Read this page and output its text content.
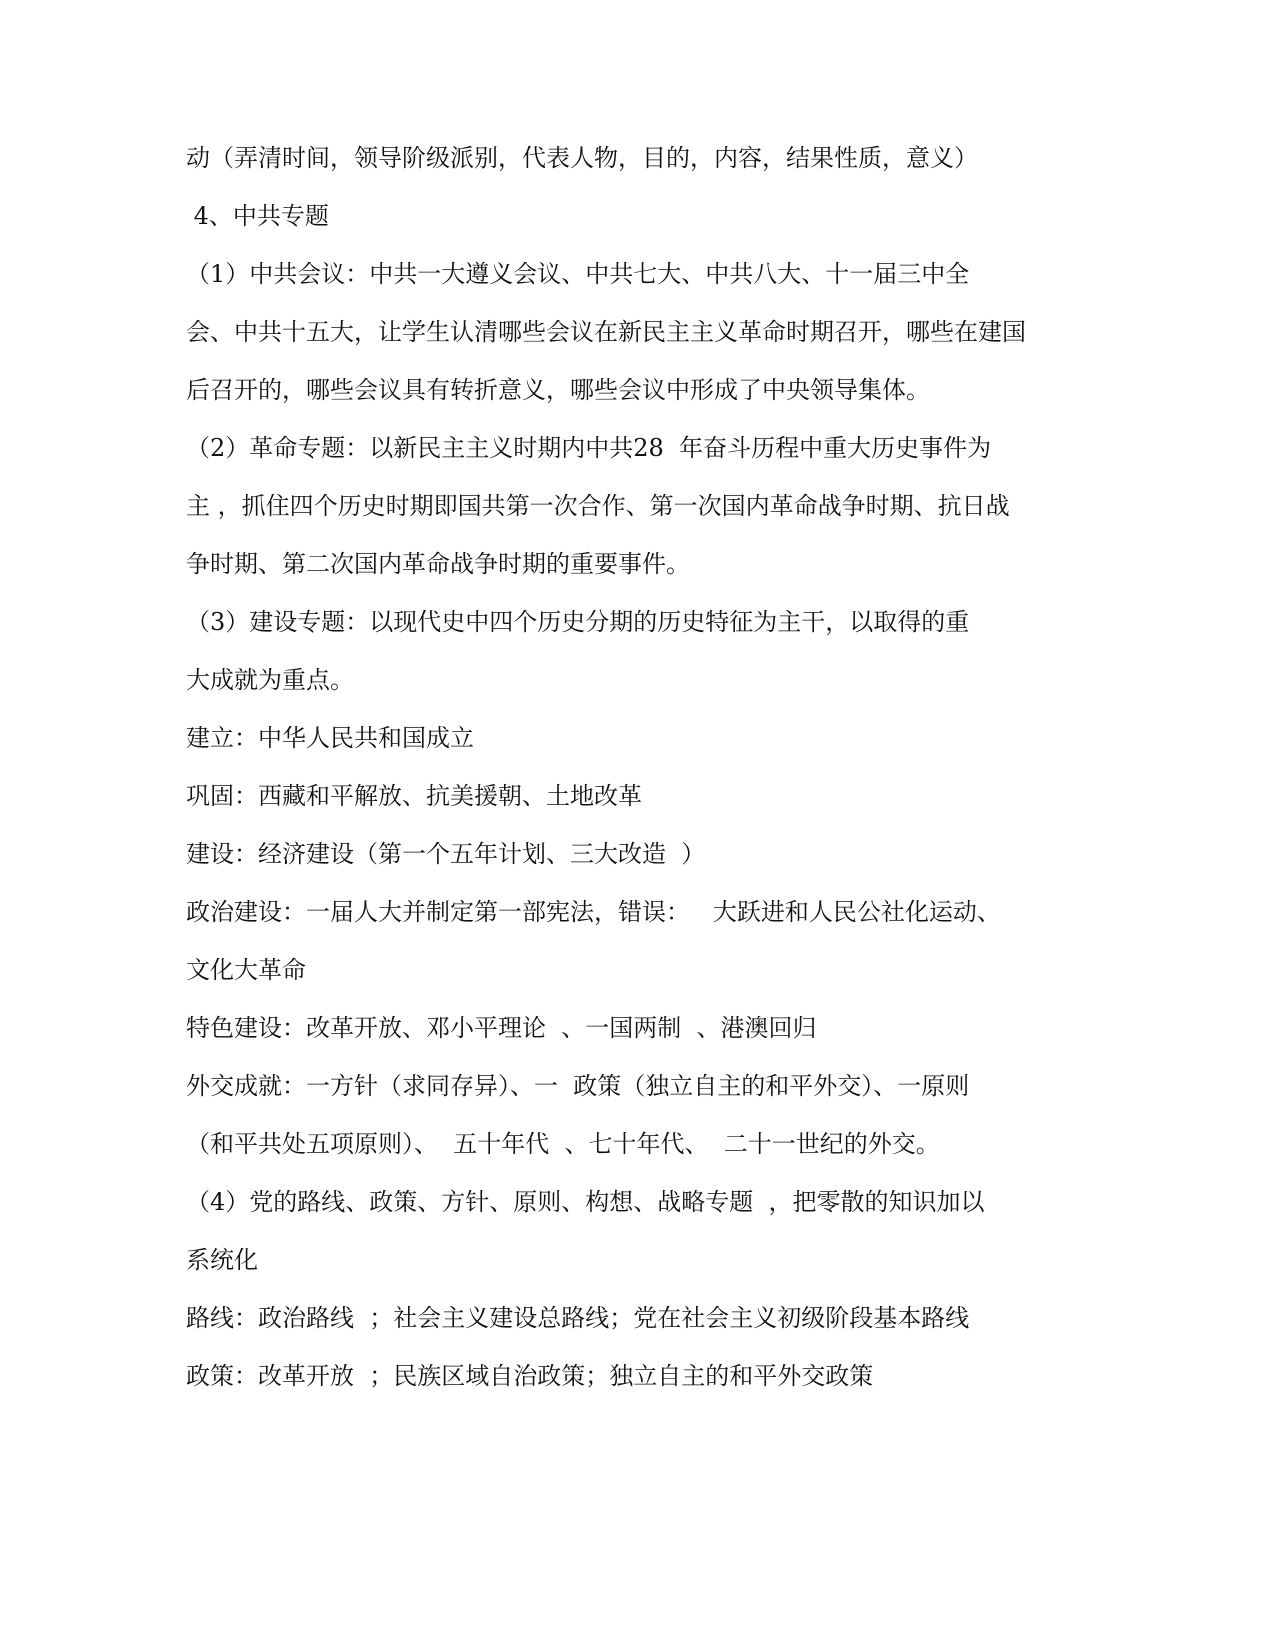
动（弄清时间，领导阶级派别，代表人物，目的，内容，结果性质，意义）
4、中共专题
（1）中共会议：中共一大遵义会议、中共七大、中共八大、十一届三中全
会、中共十五大，让学生认清哪些会议在新民主主义革命时期召开，哪些在建国
后召开的，哪些会议具有转折意义，哪些会议中形成了中央领导集体。
（2）革命专题：以新民主主义时期内中共28  年奋斗历程中重大历史事件为
主 ，抓住四个历史时期即国共第一次合作、第一次国内革命战争时期、抗日战
争时期、第二次国内革命战争时期的重要事件。
（3）建设专题：以现代史中四个历史分期的历史特征为主干，以取得的重
大成就为重点。
建立：中华人民共和国成立
巩固：西藏和平解放、抗美援朝、土地改革
建设：经济建设（第一个五年计划、三大改造  ）
政治建设：一届人大并制定第一部宪法，错误：   大跃进和人民公社化运动、
文化大革命
特色建设：改革开放、邓小平理论  、一国两制  、港澳回归
外交成就：一方针（求同存异）、一  政策（独立自主的和平外交）、一原则
（和平共处五项原则）、  五十年代  、七十年代、  二十一世纪的外交。
（4）党的路线、政策、方针、原则、构想、战略专题  ，把零散的知识加以
系统化
路线：政治路线  ；社会主义建设总路线；党在社会主义初级阶段基本路线
政策：改革开放  ；民族区域自治政策；独立自主的和平外交政策
